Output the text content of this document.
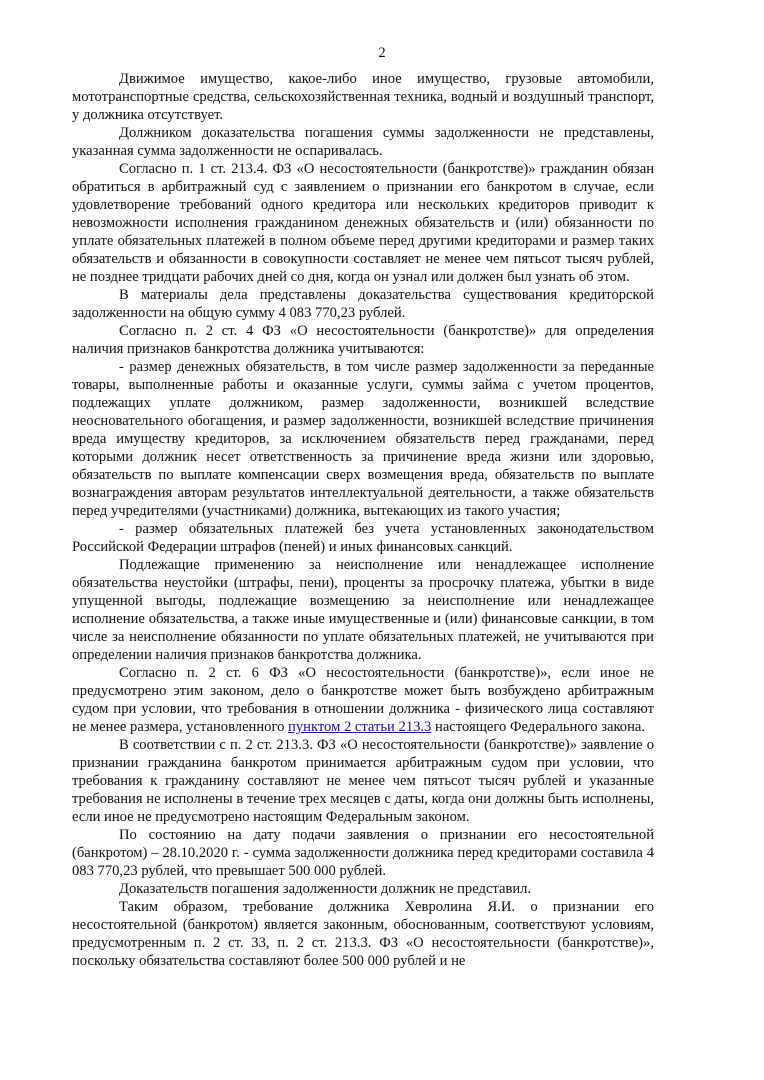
2

Движимое имущество, какое-либо иное имущество, грузовые автомобили, мототранспортные средства, сельскохозяйственная техника, водный и воздушный транспорт, у должника отсутствует.

Должником доказательства погашения суммы задолженности не представлены, указанная сумма задолженности не оспаривалась.

Согласно п. 1 ст. 213.4. ФЗ «О несостоятельности (банкротстве)» гражданин обязан обратиться в арбитражный суд с заявлением о признании его банкротом в случае, если удовлетворение требований одного кредитора или нескольких кредиторов приводит к невозможности исполнения гражданином денежных обязательств и (или) обязанности по уплате обязательных платежей в полном объеме перед другими кредиторами и размер таких обязательств и обязанности в совокупности составляет не менее чем пятьсот тысяч рублей, не позднее тридцати рабочих дней со дня, когда он узнал или должен был узнать об этом.

В материалы дела представлены доказательства существования кредиторской задолженности на общую сумму 4 083 770,23 рублей.

Согласно п. 2 ст. 4 ФЗ «О несостоятельности (банкротстве)» для определения наличия признаков банкротства должника учитываются:

- размер денежных обязательств, в том числе размер задолженности за переданные товары, выполненные работы и оказанные услуги, суммы займа с учетом процентов, подлежащих уплате должником, размер задолженности, возникшей вследствие неосновательного обогащения, и размер задолженности, возникшей вследствие причинения вреда имуществу кредиторов, за исключением обязательств перед гражданами, перед которыми должник несет ответственность за причинение вреда жизни или здоровью, обязательств по выплате компенсации сверх возмещения вреда, обязательств по выплате вознаграждения авторам результатов интеллектуальной деятельности, а также обязательств перед учредителями (участниками) должника, вытекающих из такого участия;

- размер обязательных платежей без учета установленных законодательством Российской Федерации штрафов (пеней) и иных финансовых санкций.

Подлежащие применению за неисполнение или ненадлежащее исполнение обязательства неустойки (штрафы, пени), проценты за просрочку платежа, убытки в виде упущенной выгоды, подлежащие возмещению за неисполнение или ненадлежащее исполнение обязательства, а также иные имущественные и (или) финансовые санкции, в том числе за неисполнение обязанности по уплате обязательных платежей, не учитываются при определении наличия признаков банкротства должника.

Согласно п. 2 ст. 6 ФЗ «О несостоятельности (банкротстве)», если иное не предусмотрено этим законом, дело о банкротстве может быть возбуждено арбитражным судом при условии, что требования в отношении должника - физического лица составляют не менее размера, установленного пунктом 2 статьи 213.3 настоящего Федерального закона.

В соответствии с п. 2 ст. 213.3. ФЗ «О несостоятельности (банкротстве)» заявление о признании гражданина банкротом принимается арбитражным судом при условии, что требования к гражданину составляют не менее чем пятьсот тысяч рублей и указанные требования не исполнены в течение трех месяцев с даты, когда они должны быть исполнены, если иное не предусмотрено настоящим Федеральным законом.

По состоянию на дату подачи заявления о признании его несостоятельной (банкротом) – 28.10.2020 г. - сумма задолженности должника перед кредиторами составила 4 083 770,23 рублей, что превышает 500 000 рублей.

Доказательств погашения задолженности должник не представил.

Таким образом, требование должника Хевролина Я.И. о признании его несостоятельной (банкротом) является законным, обоснованным, соответствуют условиям, предусмотренным п. 2 ст. 33, п. 2 ст. 213.3. ФЗ «О несостоятельности (банкротстве)», поскольку обязательства составляют более 500 000 рублей и не
